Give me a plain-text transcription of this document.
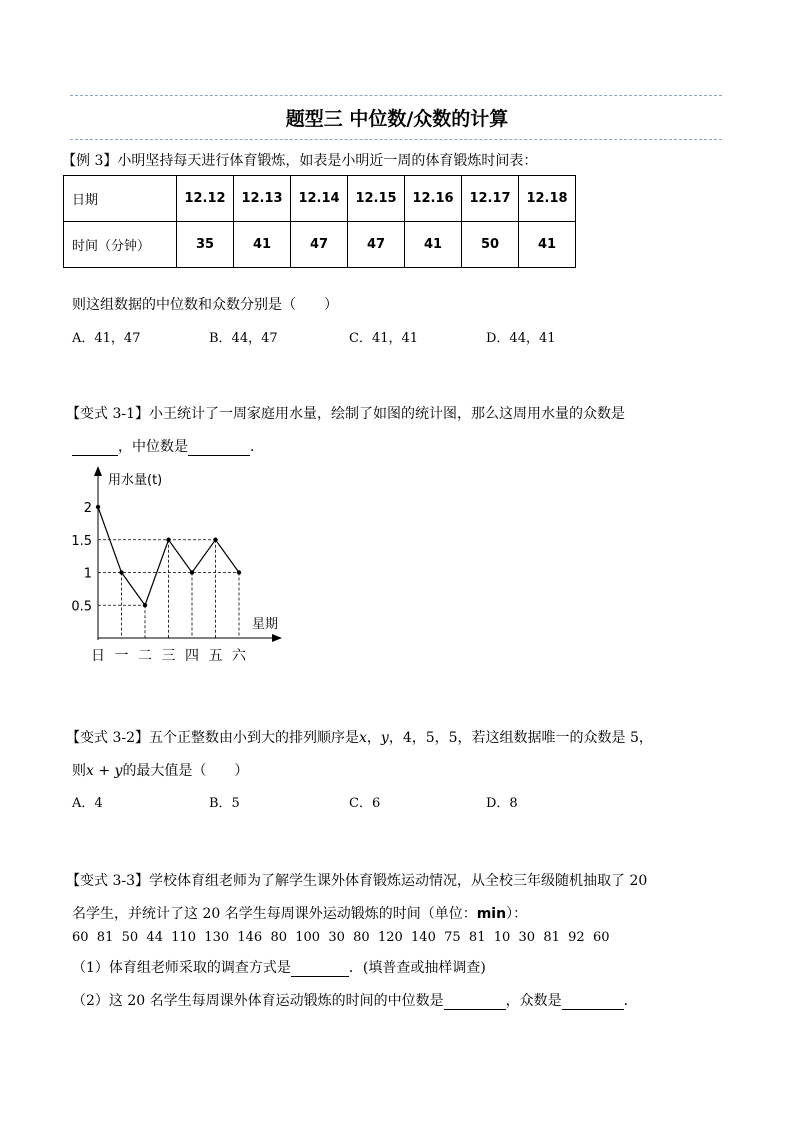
题型三 中位数/众数的计算
【例 3】小明坚持每天进行体育锻炼，如表是小明近一周的体育锻炼时间表：
日期	12.12	12.13	12.14	12.15	12.16	12.17	12.18
时间（分钟）	35	41	47	47	41	50	41
则这组数据的中位数和众数分别是（　　）
A．41，47	B．44，47	C．41，41	D．44，41
【变式 3-1】小王统计了一周家庭用水量，绘制了如图的统计图，那么这周用水量的众数是
，中位数是	．
用水量(t)
星期
2
1.5
1
0.5
日 一 二 三 四 五 六
【变式 3-2】五个正整数由小到大的排列顺序是x，y，4，5，5，若这组数据唯一的众数是 5，
则x + y的最大值是（　　）
A．4	B．5	C．6	D．8
【变式 3-3】学校体育组老师为了解学生课外体育锻炼运动情况，从全校三年级随机抽取了 20
名学生，并统计了这 20 名学生每周课外运动锻炼的时间（单位：min）：
60  81  50  44  110  130  146  80  100  30  80  120  140  75  81  10  30  81  92  60
（1）体育组老师采取的调查方式是	．(填普查或抽样调查)
（2）这 20 名学生每周课外体育运动锻炼的时间的中位数是	，众数是	．
